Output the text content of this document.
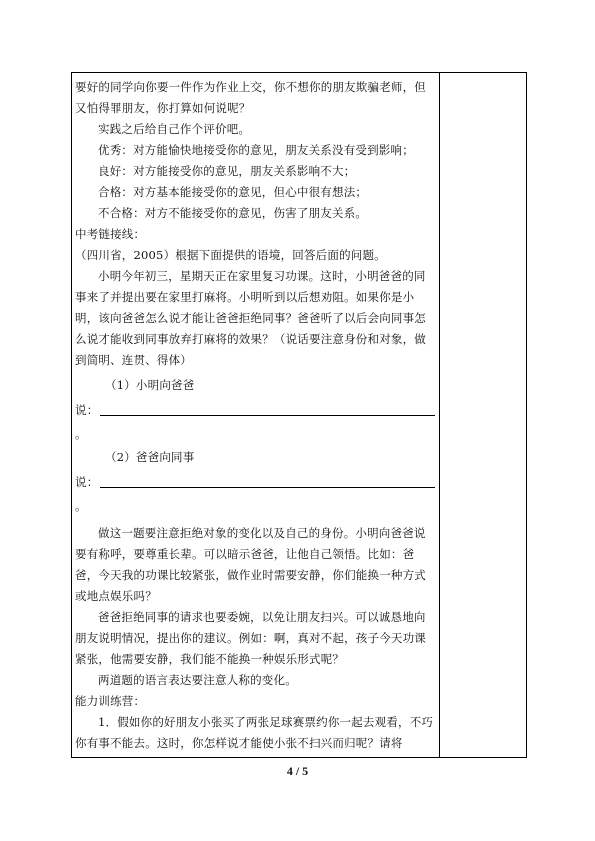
要好的同学向你要一件作为作业上交，你不想你的朋友欺骗老师，但又怕得罪朋友，你打算如何说呢？

实践之后给自己作个评价吧。

优秀：对方能愉快地接受你的意见，朋友关系没有受到影响；

良好：对方能接受你的意见，朋友关系影响不大；

合格：对方基本能接受你的意见，但心中很有想法；

不合格：对方不能接受你的意见，伤害了朋友关系。

中考链接线：

（四川省，2005）根据下面提供的语境，回答后面的问题。

小明今年初三，星期天正在家里复习功课。这时，小明爸爸的同事来了并提出要在家里打麻将。小明听到以后想劝阻。如果你是小明，该向爸爸怎么说才能让爸爸拒绝同事？爸爸听了以后会向同事怎么说才能收到同事放弃打麻将的效果？（说话要注意身份和对象，做到简明、连贯、得体）

（1）小明向爸爸

说：

。

（2）爸爸向同事

说：

。

做这一题要注意拒绝对象的变化以及自己的身份。小明向爸爸说要有称呼，要尊重长辈。可以暗示爸爸，让他自己领悟。比如：爸爸，今天我的功课比较紧张，做作业时需要安静，你们能换一种方式或地点娱乐吗？

爸爸拒绝同事的请求也要委婉，以免让朋友扫兴。可以诚恳地向朋友说明情况，提出你的建议。例如：啊，真对不起，孩子今天功课紧张，他需要安静，我们能不能换一种娱乐形式呢？

两道题的语言表达要注意人称的变化。

能力训练营：

1．假如你的好朋友小张买了两张足球赛票约你一起去观看，不巧你有事不能去。这时，你怎样说才能使小张不扫兴而归呢？请将

4 / 5
